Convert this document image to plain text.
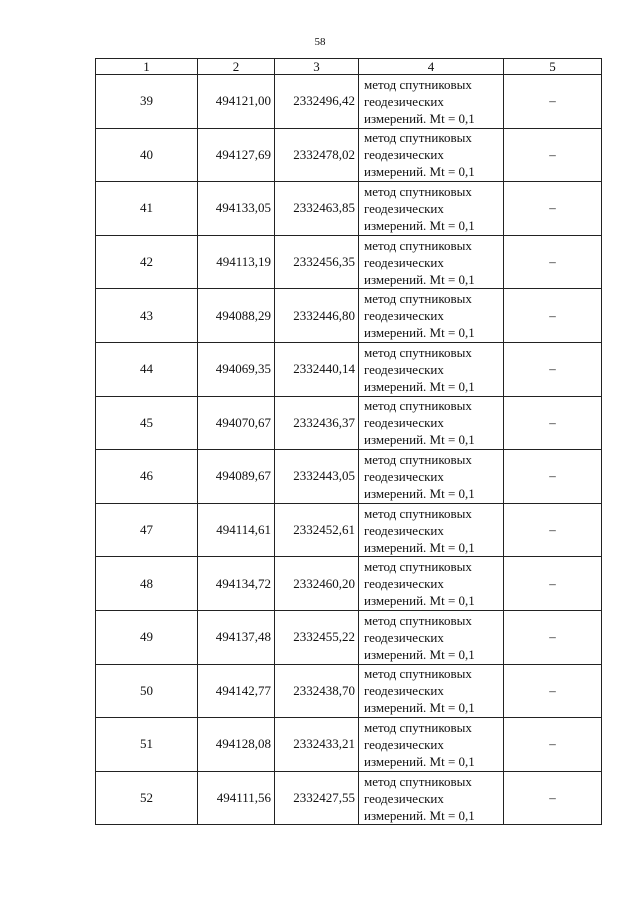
58
1	2	3	4	5
39	494121,00	2332496,42	метод спутниковых
геодезических
измерений. Mt = 0,1	–
40	494127,69	2332478,02	метод спутниковых
геодезических
измерений. Mt = 0,1	–
41	494133,05	2332463,85	метод спутниковых
геодезических
измерений. Mt = 0,1	–
42	494113,19	2332456,35	метод спутниковых
геодезических
измерений. Mt = 0,1	–
43	494088,29	2332446,80	метод спутниковых
геодезических
измерений. Mt = 0,1	–
44	494069,35	2332440,14	метод спутниковых
геодезических
измерений. Mt = 0,1	–
45	494070,67	2332436,37	метод спутниковых
геодезических
измерений. Mt = 0,1	–
46	494089,67	2332443,05	метод спутниковых
геодезических
измерений. Mt = 0,1	–
47	494114,61	2332452,61	метод спутниковых
геодезических
измерений. Mt = 0,1	–
48	494134,72	2332460,20	метод спутниковых
геодезических
измерений. Mt = 0,1	–
49	494137,48	2332455,22	метод спутниковых
геодезических
измерений. Mt = 0,1	–
50	494142,77	2332438,70	метод спутниковых
геодезических
измерений. Mt = 0,1	–
51	494128,08	2332433,21	метод спутниковых
геодезических
измерений. Mt = 0,1	–
52	494111,56	2332427,55	метод спутниковых
геодезических
измерений. Mt = 0,1	–
